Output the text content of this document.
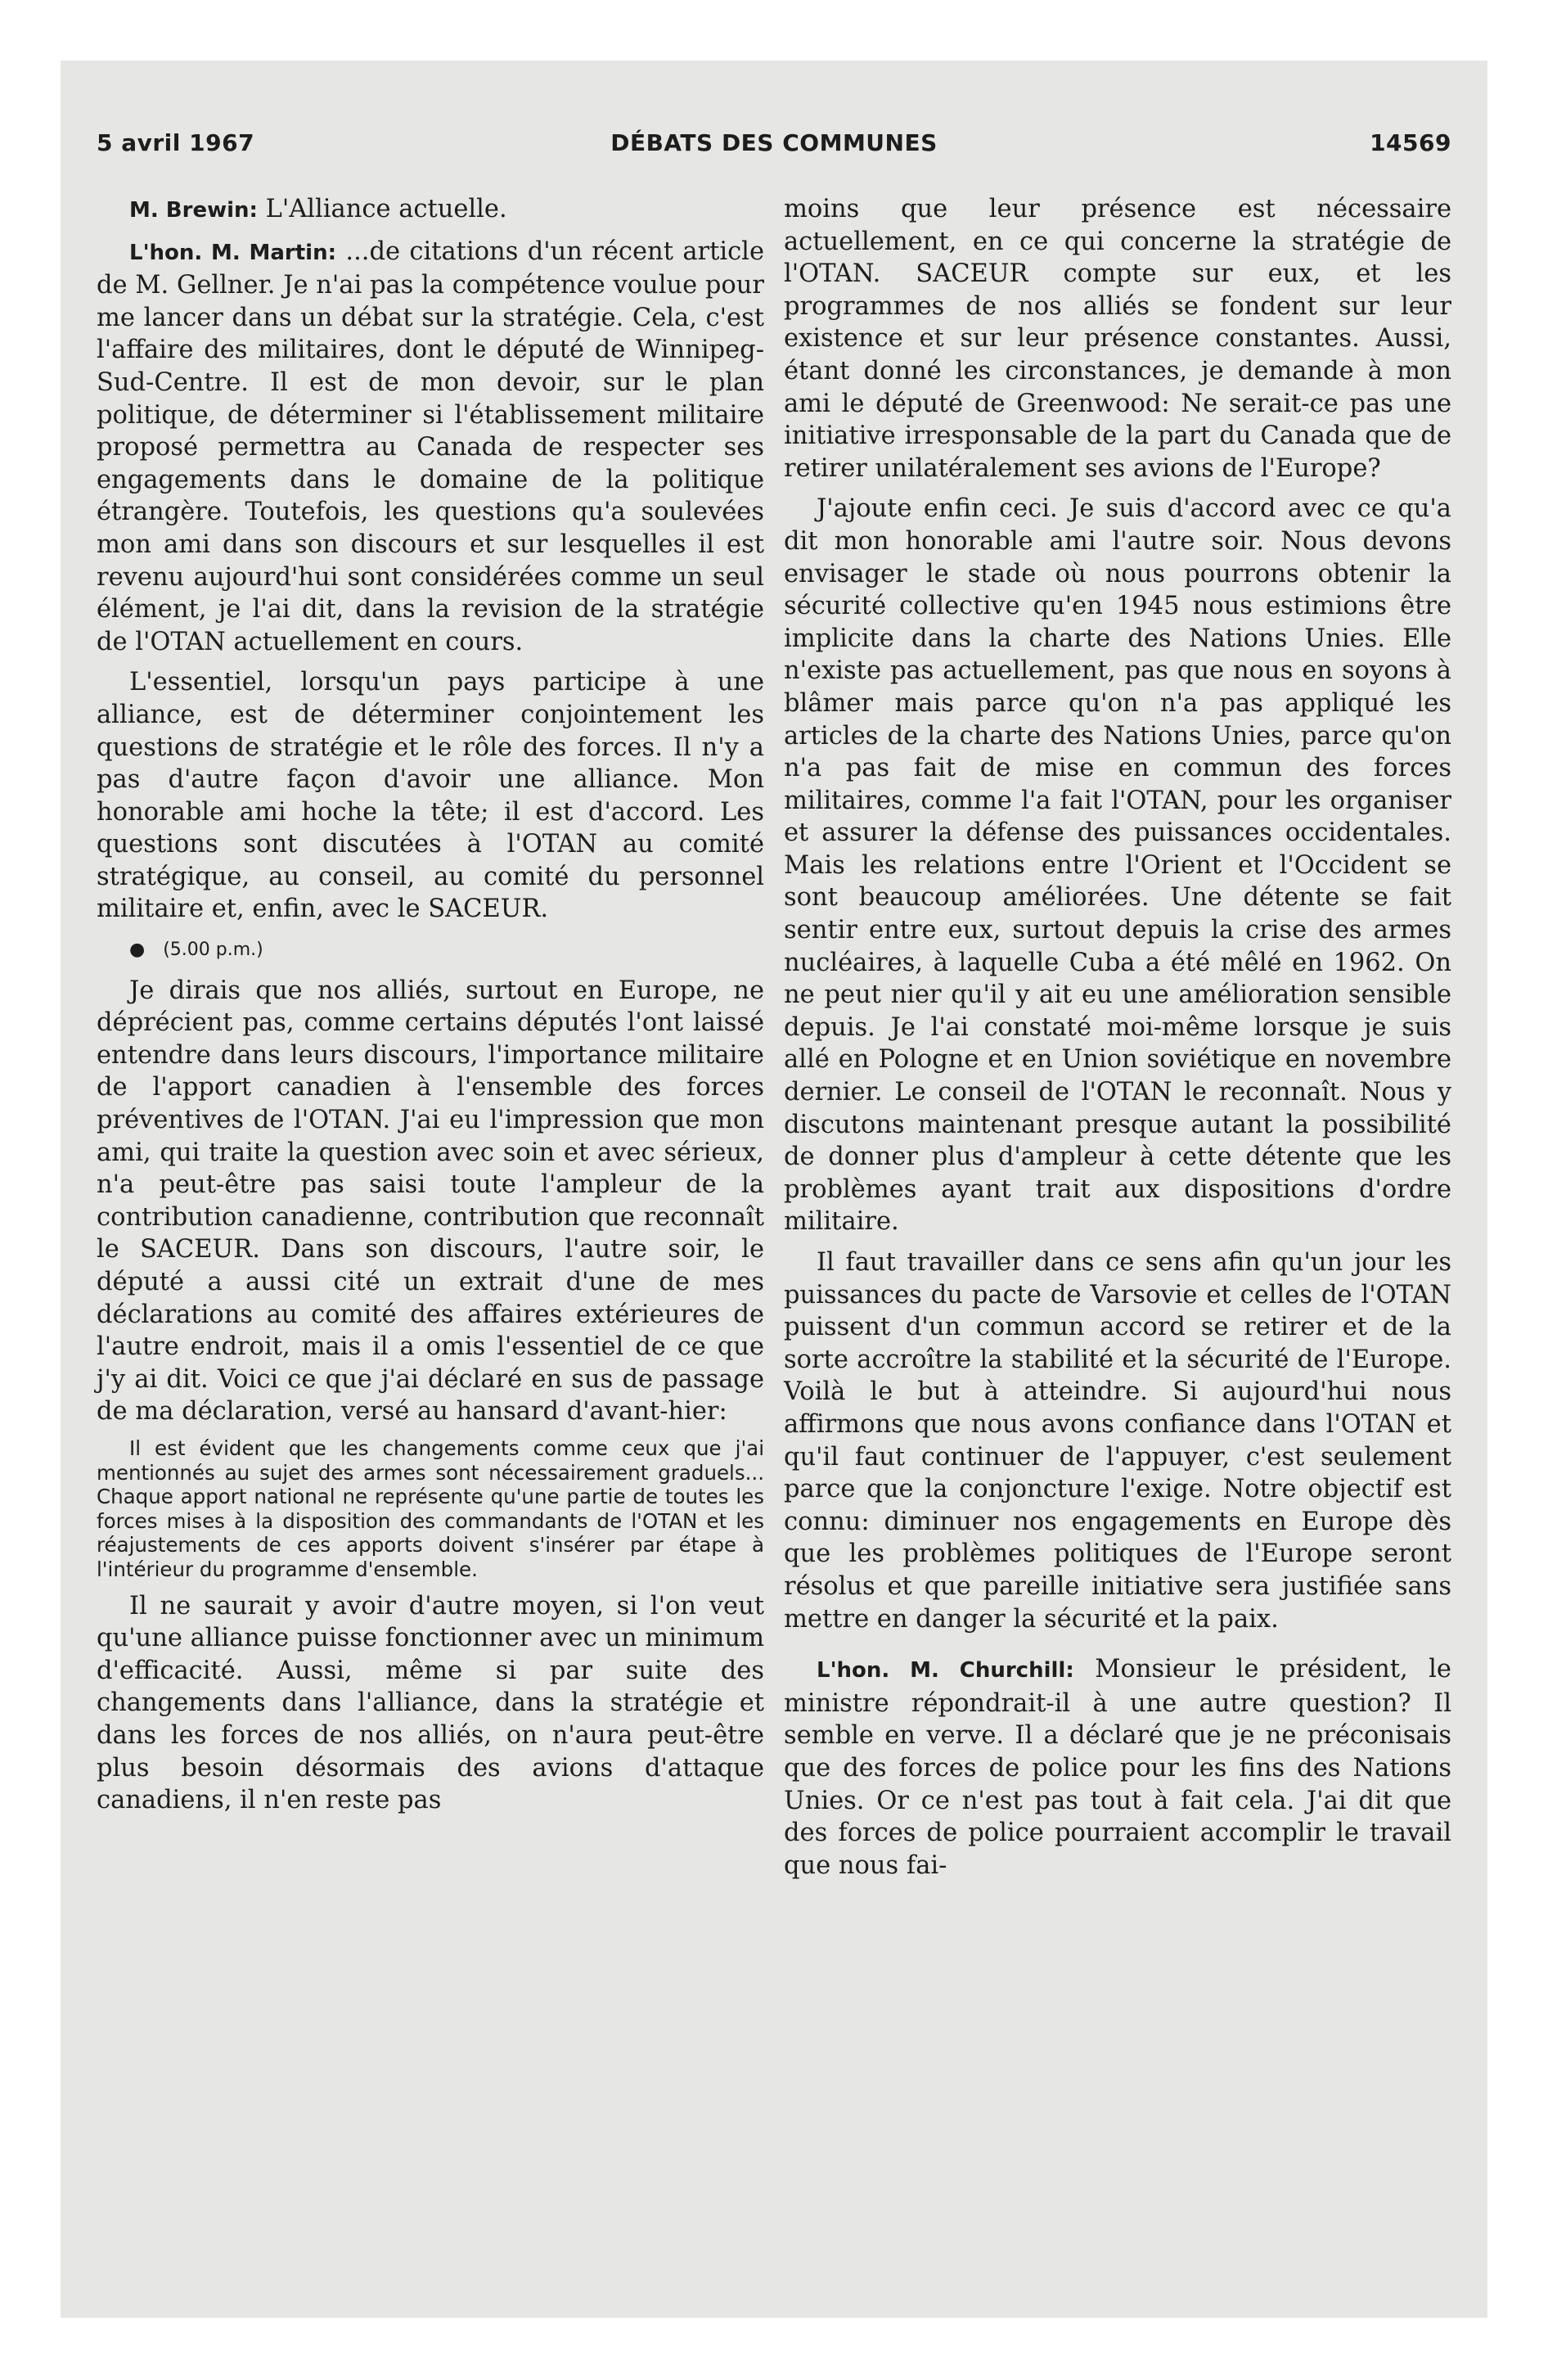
5 avril 1967	DÉBATS DES COMMUNES	14569

M. Brewin: L'Alliance actuelle.

L'hon. M. Martin: ...de citations d'un récent article de M. Gellner. Je n'ai pas la compétence voulue pour me lancer dans un débat sur la stratégie. Cela, c'est l'affaire des militaires, dont le député de Winnipeg-Sud-Centre. Il est de mon devoir, sur le plan politique, de déterminer si l'établissement militaire proposé permettra au Canada de respecter ses engagements dans le domaine de la politique étrangère. Toutefois, les questions qu'a soulevées mon ami dans son discours et sur lesquelles il est revenu aujourd'hui sont considérées comme un seul élément, je l'ai dit, dans la revision de la stratégie de l'OTAN actuellement en cours.

L'essentiel, lorsqu'un pays participe à une alliance, est de déterminer conjointement les questions de stratégie et le rôle des forces. Il n'y a pas d'autre façon d'avoir une alliance. Mon honorable ami hoche la tête; il est d'accord. Les questions sont discutées à l'OTAN au comité stratégique, au conseil, au comité du personnel militaire et, enfin, avec le SACEUR.

● (5.00 p.m.)

Je dirais que nos alliés, surtout en Europe, ne déprécient pas, comme certains députés l'ont laissé entendre dans leurs discours, l'importance militaire de l'apport canadien à l'ensemble des forces préventives de l'OTAN. J'ai eu l'impression que mon ami, qui traite la question avec soin et avec sérieux, n'a peut-être pas saisi toute l'ampleur de la contribution canadienne, contribution que reconnaît le SACEUR. Dans son discours, l'autre soir, le député a aussi cité un extrait d'une de mes déclarations au comité des affaires extérieures de l'autre endroit, mais il a omis l'essentiel de ce que j'y ai dit. Voici ce que j'ai déclaré en sus de passage de ma déclaration, versé au hansard d'avant-hier:

Il est évident que les changements comme ceux que j'ai mentionnés au sujet des armes sont nécessairement graduels... Chaque apport national ne représente qu'une partie de toutes les forces mises à la disposition des commandants de l'OTAN et les réajustements de ces apports doivent s'insérer par étape à l'intérieur du programme d'ensemble.

Il ne saurait y avoir d'autre moyen, si l'on veut qu'une alliance puisse fonctionner avec un minimum d'efficacité. Aussi, même si par suite des changements dans l'alliance, dans la stratégie et dans les forces de nos alliés, on n'aura peut-être plus besoin désormais des avions d'attaque canadiens, il n'en reste pas

moins que leur présence est nécessaire actuellement, en ce qui concerne la stratégie de l'OTAN. SACEUR compte sur eux, et les programmes de nos alliés se fondent sur leur existence et sur leur présence constantes. Aussi, étant donné les circonstances, je demande à mon ami le député de Greenwood: Ne serait-ce pas une initiative irresponsable de la part du Canada que de retirer unilatéralement ses avions de l'Europe?

J'ajoute enfin ceci. Je suis d'accord avec ce qu'a dit mon honorable ami l'autre soir. Nous devons envisager le stade où nous pourrons obtenir la sécurité collective qu'en 1945 nous estimions être implicite dans la charte des Nations Unies. Elle n'existe pas actuellement, pas que nous en soyons à blâmer mais parce qu'on n'a pas appliqué les articles de la charte des Nations Unies, parce qu'on n'a pas fait de mise en commun des forces militaires, comme l'a fait l'OTAN, pour les organiser et assurer la défense des puissances occidentales. Mais les relations entre l'Orient et l'Occident se sont beaucoup améliorées. Une détente se fait sentir entre eux, surtout depuis la crise des armes nucléaires, à laquelle Cuba a été mêlé en 1962. On ne peut nier qu'il y ait eu une amélioration sensible depuis. Je l'ai constaté moi-même lorsque je suis allé en Pologne et en Union soviétique en novembre dernier. Le conseil de l'OTAN le reconnaît. Nous y discutons maintenant presque autant la possibilité de donner plus d'ampleur à cette détente que les problèmes ayant trait aux dispositions d'ordre militaire.

Il faut travailler dans ce sens afin qu'un jour les puissances du pacte de Varsovie et celles de l'OTAN puissent d'un commun accord se retirer et de la sorte accroître la stabilité et la sécurité de l'Europe. Voilà le but à atteindre. Si aujourd'hui nous affirmons que nous avons confiance dans l'OTAN et qu'il faut continuer de l'appuyer, c'est seulement parce que la conjoncture l'exige. Notre objectif est connu: diminuer nos engagements en Europe dès que les problèmes politiques de l'Europe seront résolus et que pareille initiative sera justifiée sans mettre en danger la sécurité et la paix.

L'hon. M. Churchill: Monsieur le président, le ministre répondrait-il à une autre question? Il semble en verve. Il a déclaré que je ne préconisais que des forces de police pour les fins des Nations Unies. Or ce n'est pas tout à fait cela. J'ai dit que des forces de police pourraient accomplir le travail que nous fai-
